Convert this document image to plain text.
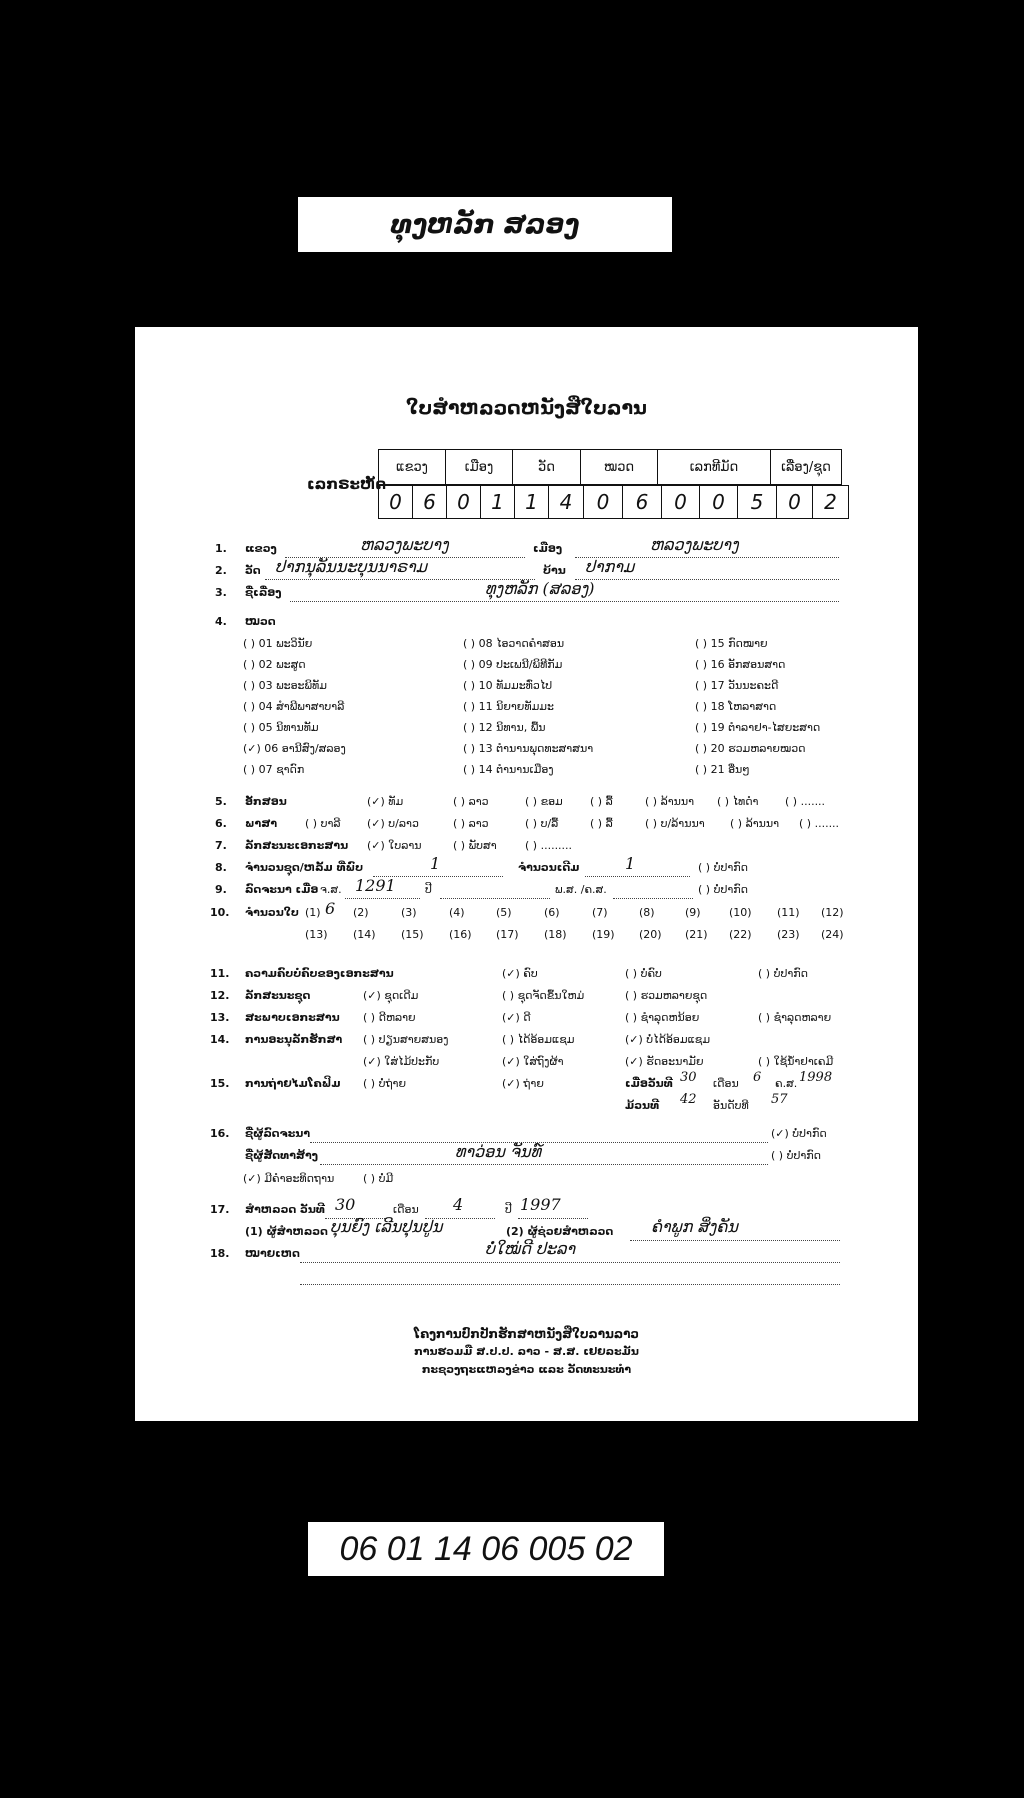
ທຸງຫລັກ ສລອງ
ໃບສຳຫລວດຫນັງສືໃບລານ
ເລກຣະຫັດ
ແຂວງ	ເມືອງ	ວັດ	ໝວດ	ເລກທີມັດ	ເລື່ອງ/ຊຸດ
0	6	0	1	1	4	0	6	0	0	5	0	2
1. ແຂວງ	ຫລວງພະບາງ	ເມືອງ	ຫລວງພະບາງ
2. ວັດ ປາກນຸລັນນະບຸນນາຣາມ	ບ້ານ ປາກາມ
3. ຊື່ເລື່ອງ	ທຸງຫລັກ (ສລອງ)
4. ໝວດ
( ) 01 ພະວິນັຍ
( ) 02 ພະສູດ
( ) 03 ພະອະພິທັມ
( ) 04 ສຳພີພາສາບາລີ
( ) 05 ນິທານທັມ
(✓) 06 ອານີສົງ/ສລອງ
( ) 07 ຊາດົກ
( ) 08 ໄອວາດຄຳສອນ
( ) 09 ປະເພນີ/ພິທີກັມ
( ) 10 ທັມມະທົ່ວໄປ
( ) 11 ນິຍາຍທັມມະ
( ) 12 ນິທານ, ພື້ນ
( ) 13 ຕຳນານພຸດທະສາສນາ
( ) 14 ຕຳນານເມືອງ
( ) 15 ກົດໝາຍ
( ) 16 ອັກສອນສາດ
( ) 17 ວັນນະຄະດີ
( ) 18 ໂຫລາສາດ
( ) 19 ຕຳລາຢາ-ໄສຍະສາດ
( ) 20 ຮວມຫລາຍໝວດ
( ) 21 ອື່ນໆ
5. ອັກສອນ	(✓) ທັມ	( ) ລາວ	( ) ຂອມ ( ) ລື້	( ) ລ້ານນາ ( ) ໄທດຳ ( ) .......
6. ພາສາ	( ) ບາລີ (✓) ບ/ລາວ	( ) ລາວ	( ) ບ/ລື້	( ) ລື້	( ) ບ/ລ້ານນາ ( ) ລ້ານນາ ( ) .......
7. ລັກສະນະເອກະສານ (✓) ໃບລານ	( ) ພັບສາ	( ) .........
8. ຈຳນວນຊຸດ/ຫລັ້ມ ທີ່ພົບ	1	ຈຳນວນເດີມ	1	( ) ບໍ່ປາກົດ
9. ລົດຈະນາ ເມື່ອ ຈ.ສ. 1291	ປີ	ພ.ສ. /ຄ.ສ.	( ) ບໍ່ປາກົດ
10. ຈຳນວນໃບ (1) 6 (2)	(3)	(4)	(5)	(6)	(7)	(8)	(9)	(10) (11) (12)
(13) (14) (15) (16) (17) (18) (19) (20) (21) (22) (23) (24)
11. ຄວາມຄົບບໍ່ຄົບຂອງເອກະສານ	(✓) ຄົບ	( ) ບໍ່ຄົບ	( ) ບໍ່ປາກົດ
12. ລັກສະນະຊຸດ	(✓) ຊຸດເດີມ	( ) ຊຸດຈັດຂຶ້ນໃຫມ່	( ) ຮວມຫລາຍຊຸດ
13. ສະພາບເອກະສານ ( ) ດີຫລາຍ	(✓) ດີ	( ) ຊຳລຸດຫນ້ອຍ	( ) ຊຳລຸດຫລາຍ
14. ການອະນຸລັກຮັກສາ ( ) ປຽນສາຍສນອງ	( ) ໄດ້ອ້ອມແຊມ	(✓) ບໍ່ໄດ້ອ້ອມແຊມ
(✓) ໃສ່ໄມ້ປະກັບ	(✓) ໃສ່ຖົງຜ້າ	(✓) ຮັດອະນາມັຍ	( ) ໃຊ້ນ້ຳຢາເຄມີ
15. ການຖ່າຍໄມໂຄຟິມ ( ) ບໍ່ຖ່າຍ	(✓) ຖ່າຍ	ເມື່ອວັນທີ 30 ເດືອນ 6 ຄ.ສ. 1998
ມ້ວນທີ 42 ອັນດັບທີ 57
16. ຊື່ຜູ້ລົດຈະນາ	(✓) ບໍ່ປາກົດ
ຊື່ຜູ້ສັດທາສ້າງ	ທາວ່ອນ ຈັນທ໌	( ) ບໍ່ປາກົດ
(✓) ມີຄຳອະທິດຖານ	( ) ບໍ່ມີ
17. ສຳຫລວດ ວັນທີ 30	ເດືອນ 4	ປີ 1997
(1) ຜູ້ສຳຫລວດ ບຸນຍົງ ເລີນປຸນປູນ	(2) ຜູ້ຊ່ວຍສຳຫລວດ ຄຳພູກ ສິ່ງຄັນ
18. ໝາຍເຫດ	ບໍ່ໃໝ່ດີ ປະລາ
ໂຄງການປົກປັກຮັກສາຫນັງສືໃບລານລາວ
ການຮວມມື ສ.ປ.ປ. ລາວ - ສ.ສ. ເຢຍລະມັນ
ກະຊວງຖະແຫລງຂ່າວ ແລະ ວັດທະນະທຳ
06 01 14 06 005 02
